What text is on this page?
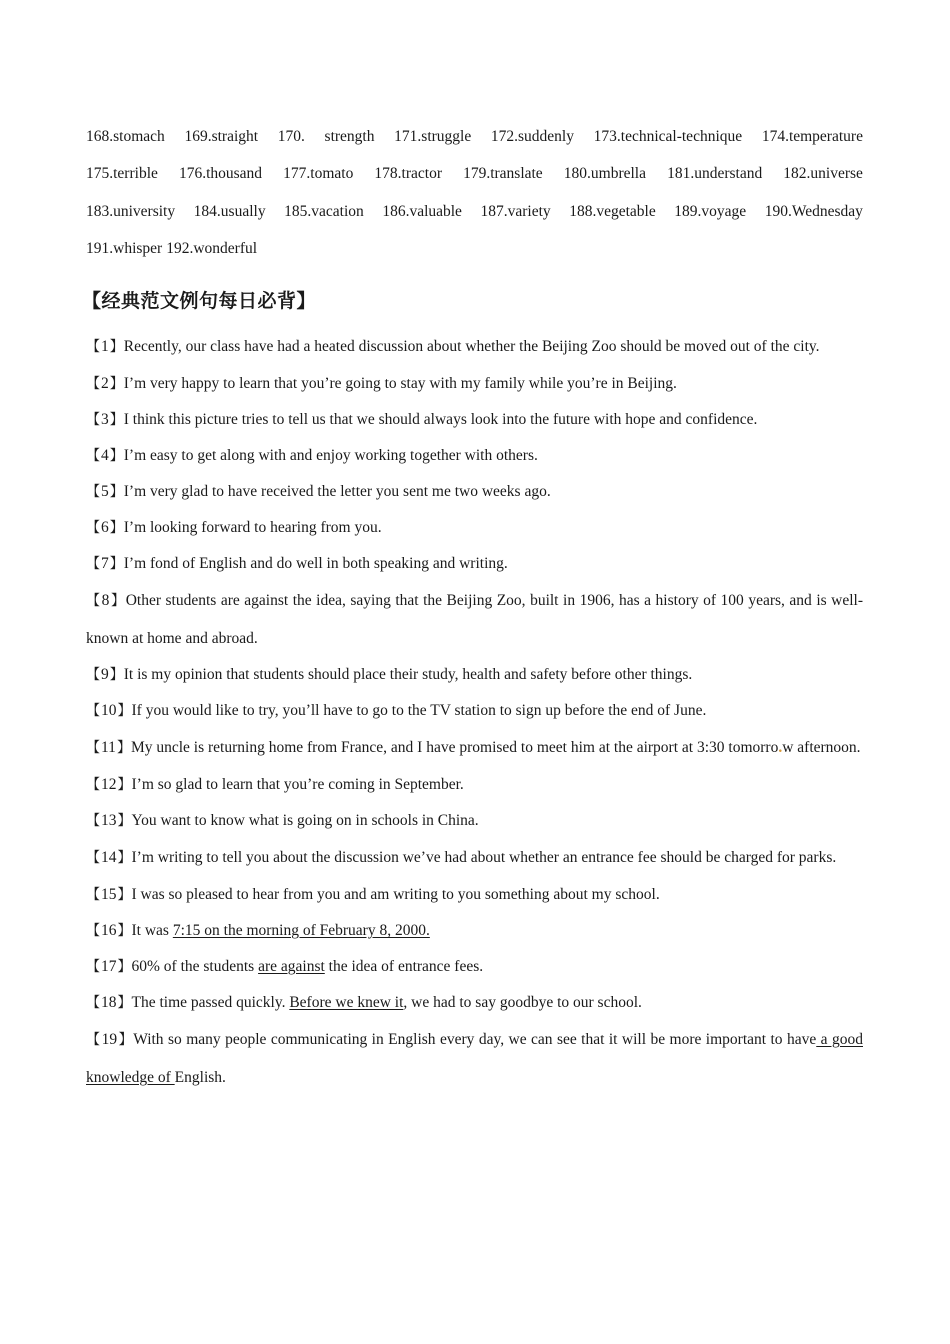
168.stomach 169.straight 170. strength 171.struggle 172.suddenly 173.technical-technique 174.temperature
175.terrible 176.thousand 177.tomato 178.tractor 179.translate 180.umbrella 181.understand 182.universe
183.university 184.usually 185.vacation 186.valuable 187.variety 188.vegetable 189.voyage 190.Wednesday
191.whisper 192.wonderful
【经典范文例句每日必背】
【1】Recently, our class have had a heated discussion about whether the Beijing Zoo should be moved out of the city.
【2】I’m very happy to learn that you’re going to stay with my family while you’re in Beijing.
【3】I think this picture tries to tell us that we should always look into the future with hope and confidence.
【4】I’m easy to get along with and enjoy working together with others.
【5】I’m very glad to have received the letter you sent me two weeks ago.
【6】I’m looking forward to hearing from you.
【7】I’m fond of English and do well in both speaking and writing.
【8】Other students are against the idea, saying that the Beijing Zoo, built in 1906, has a history of 100 years, and is well-known at home and abroad.
【9】It is my opinion that students should place their study, health and safety before other things.
【10】If you would like to try, you’ll have to go to the TV station to sign up before the end of June.
【11】My uncle is returning home from France, and I have promised to meet him at the airport at 3:30 tomorro.w afternoon.
【12】I’m so glad to learn that you’re coming in September.
【13】You want to know what is going on in schools in China.
【14】I’m writing to tell you about the discussion we’ve had about whether an entrance fee should be charged for parks.
【15】I was so pleased to hear from you and am writing to you something about my school.
【16】It was 7:15 on the morning of February 8, 2000.
【17】60% of the students are against the idea of entrance fees.
【18】The time passed quickly. Before we knew it, we had to say goodbye to our school.
【19】With so many people communicating in English every day, we can see that it will be more important to have a good knowledge of English.
